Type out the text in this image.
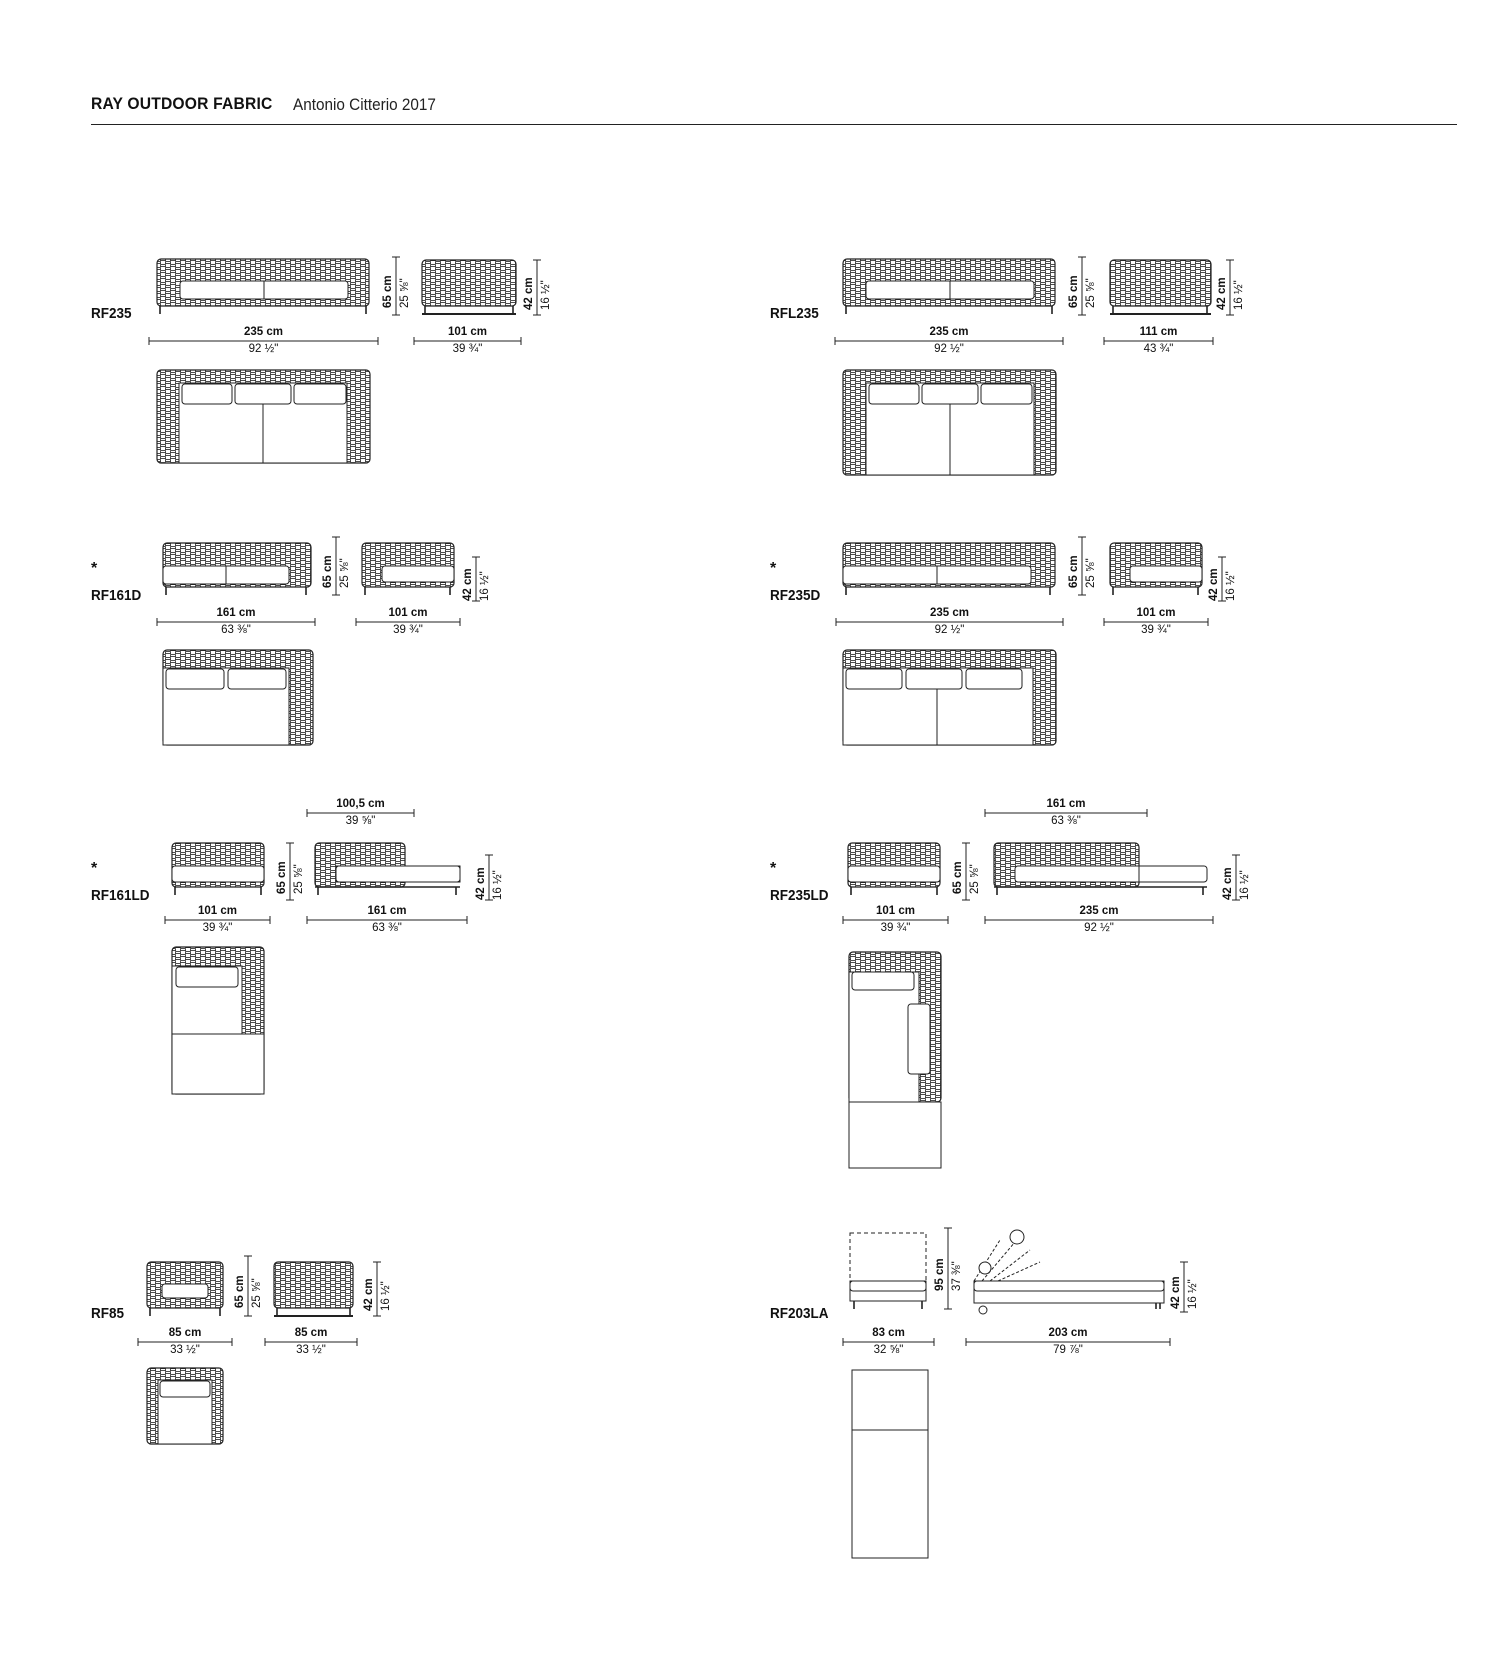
RAY OUTDOOR FABRIC Antonio Citterio 2017
65 cm 25 ⅝"	42 cm 16 ½"
RF235
235 cm
92 ½"
101 cm
39 ¾"
65 cm 25 ⅝"	42 cm 16 ½"
RFL235
235 cm
92 ½"
111 cm
43 ¾"
65 cm 25 ⅝"	42 cm 16 ½"
RF161D
*
161 cm
63 ⅜"
101 cm
39 ¾"
65 cm 25 ⅝"	42 cm 16 ½"
RF235D
*
235 cm
92 ½"
101 cm
39 ¾"
65 cm 25 ⅝"
100,5 cm
39 ⅝"
42 cm 16 ½"
RF161LD
*
101 cm
39 ¾"
161 cm
63 ⅜"
65 cm 25 ⅝"
161 cm
63 ⅜"
42 cm 16 ½"
RF235LD
*
101 cm
39 ¾"
235 cm
92 ½"
65 cm 25 ⅝"	42 cm 16 ½"
RF85
85 cm
33 ½"
85 cm
33 ½"
95 cm 37 ⅜"
42 cm 16 ½"
RF203LA
83 cm
32 ⅝"
203 cm
79 ⅞"
